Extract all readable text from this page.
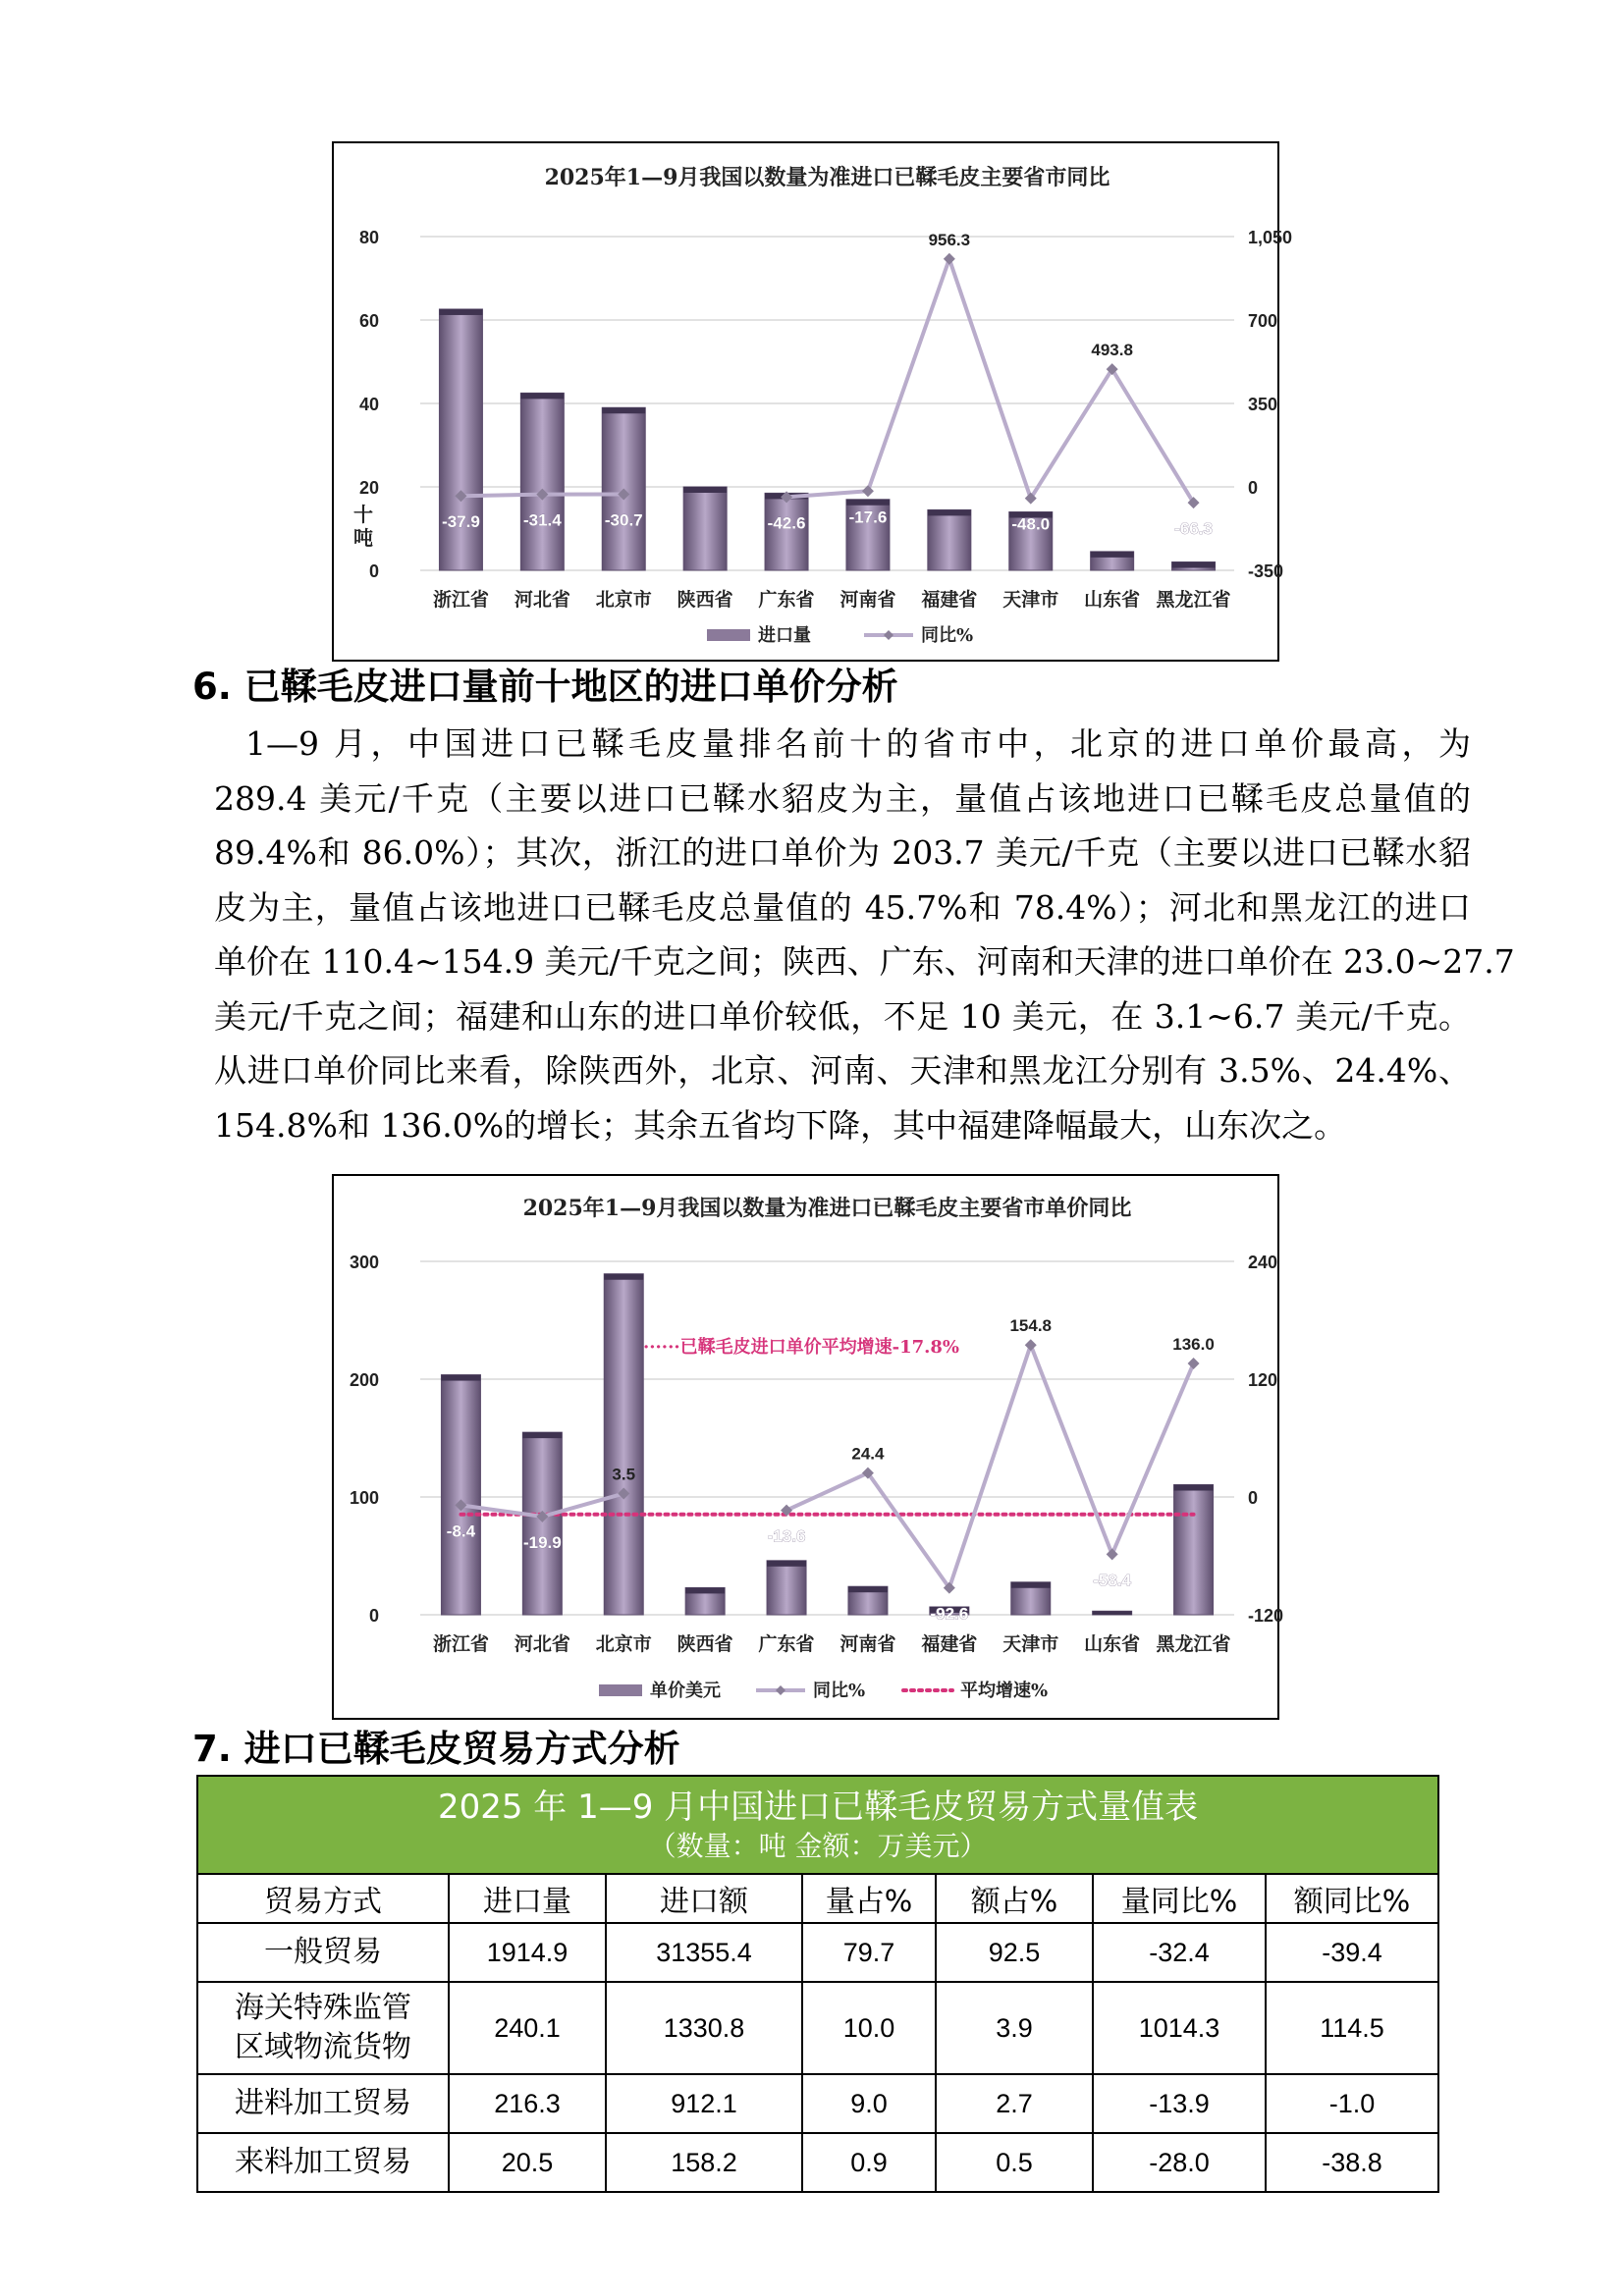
2025年1—9月我国以数量为准进口已鞣毛皮主要省市同比
0
20
40
60
80
-350
0
350
700
1,050
十
吨
-37.9	-31.4	-30.7	-42.6	-17.6
956.3
-48.0
493.8
-66.3
浙江省 河北省 北京市 陕西省 广东省 河南省 福建省 天津市 山东省 黑龙江省
进口量	同比%
6. 已鞣毛皮进口量前十地区的进口单价分析

1—9 月，中国进口已鞣毛皮量排名前十的省市中，北京的进口单价最高，为

289.4 美元/千克（主要以进口已鞣水貂皮为主，量值占该地进口已鞣毛皮总量值的

89.4%和 86.0%）；其次，浙江的进口单价为 203.7 美元/千克（主要以进口已鞣水貂

皮为主，量值占该地进口已鞣毛皮总量值的 45.7%和 78.4%）；河北和黑龙江的进口

单价在 110.4~154.9 美元/千克之间；陕西、广东、河南和天津的进口单价在 23.0~27.7

美元/千克之间；福建和山东的进口单价较低，不足 10 美元，在 3.1~6.7 美元/千克。

从进口单价同比来看，除陕西外，北京、河南、天津和黑龙江分别有 3.5%、24.4%、

154.8%和 136.0%的增长；其余五省均下降，其中福建降幅最大，山东次之。

2025年1—9月我国以数量为准进口已鞣毛皮主要省市单价同比
0
100
200
300
-120
0
120
240
······已鞣毛皮进口单价平均增速-17.8%
-8.4
-19.9
3.5
-13.6
24.4
-92.6
154.8
-58.4
136.0
浙江省 河北省 北京市 陕西省 广东省 河南省 福建省 天津市 山东省 黑龙江省
单价美元	同比%	平均增速%
7. 进口已鞣毛皮贸易方式分析
2025 年 1—9 月中国进口已鞣毛皮贸易方式量值表
（数量：吨 金额：万美元）						

贸易方式	进口量	进口额	量占%	额占%	量同比%	额同比%
一般贸易	1914.9	31355.4	79.7	92.5	-32.4	-39.4
海关特殊监管
区域物流货物	240.1	1330.8	10.0	3.9	1014.3	114.5
进料加工贸易	216.3	912.1	9.0	2.7	-13.9	-1.0
来料加工贸易	20.5	158.2	0.9	0.5	-28.0	-38.8
